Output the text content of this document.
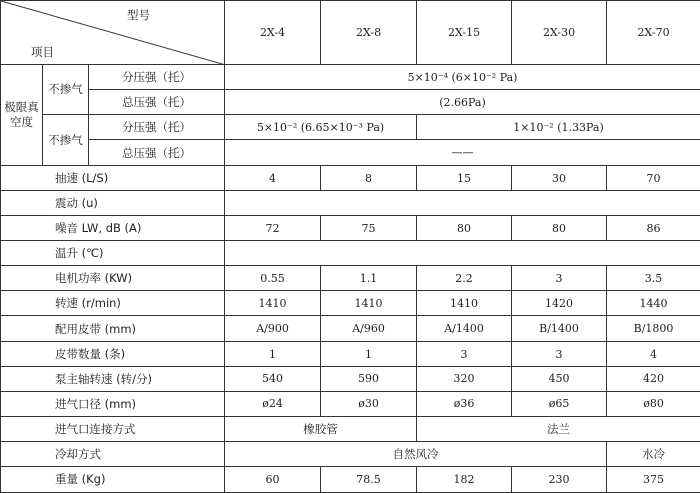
型号
项目			2X-4	2X-8	2X-15	2X-30	2X-70
极限真空度	不掺气	分压强（托）	5×10⁻⁴ (6×10⁻² Pa)				
		总压强（托）	(2.66Pa)				
	不掺气	分压强（托）	5×10⁻² (6.65×10⁻³ Pa)		1×10⁻² (1.33Pa)		
		总压强（托）	——				
抽速 (L/S)			4	8	15	30	70
震动 (u)							
噪音 LW, dB (A)			72	75	80	80	86
温升 (℃)							
电机功率 (KW)			0.55	1.1	2.2	3	3.5
转速 (r/min)			1410	1410	1410	1420	1440
配用皮带 (mm)			A/900	A/960	A/1400	B/1400	B/1800
皮带数量 (条)			1	1	3	3	4
泵主轴转速 (转/分)			540	590	320	450	420
进气口径 (mm)			ø24	ø30	ø36	ø65	ø80
进气口连接方式			橡胶管		法兰		
冷却方式			自然风冷				水冷
重量 (Kg)			60	78.5	182	230	375
